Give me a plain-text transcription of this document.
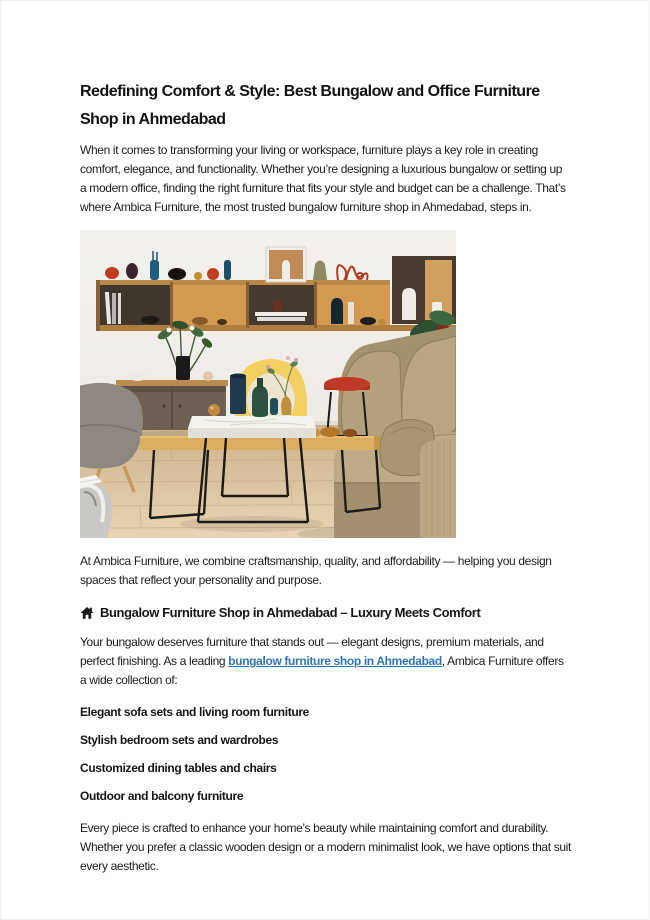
Redefining Comfort & Style: Best Bungalow and Office Furniture Shop in Ahmedabad

When it comes to transforming your living or workspace, furniture plays a key role in creating comfort, elegance, and functionality. Whether you’re designing a luxurious bungalow or setting up a modern office, finding the right furniture that fits your style and budget can be a challenge. That’s where Ambica Furniture, the most trusted bungalow furniture shop in Ahmedabad, steps in.

At Ambica Furniture, we combine craftsmanship, quality, and affordability — helping you design spaces that reflect your personality and purpose.

Bungalow Furniture Shop in Ahmedabad – Luxury Meets Comfort

Your bungalow deserves furniture that stands out — elegant designs, premium materials, and perfect finishing. As a leading bungalow furniture shop in Ahmedabad, Ambica Furniture offers a wide collection of:

Elegant sofa sets and living room furniture

Stylish bedroom sets and wardrobes

Customized dining tables and chairs

Outdoor and balcony furniture

Every piece is crafted to enhance your home’s beauty while maintaining comfort and durability. Whether you prefer a classic wooden design or a modern minimalist look, we have options that suit every aesthetic.
